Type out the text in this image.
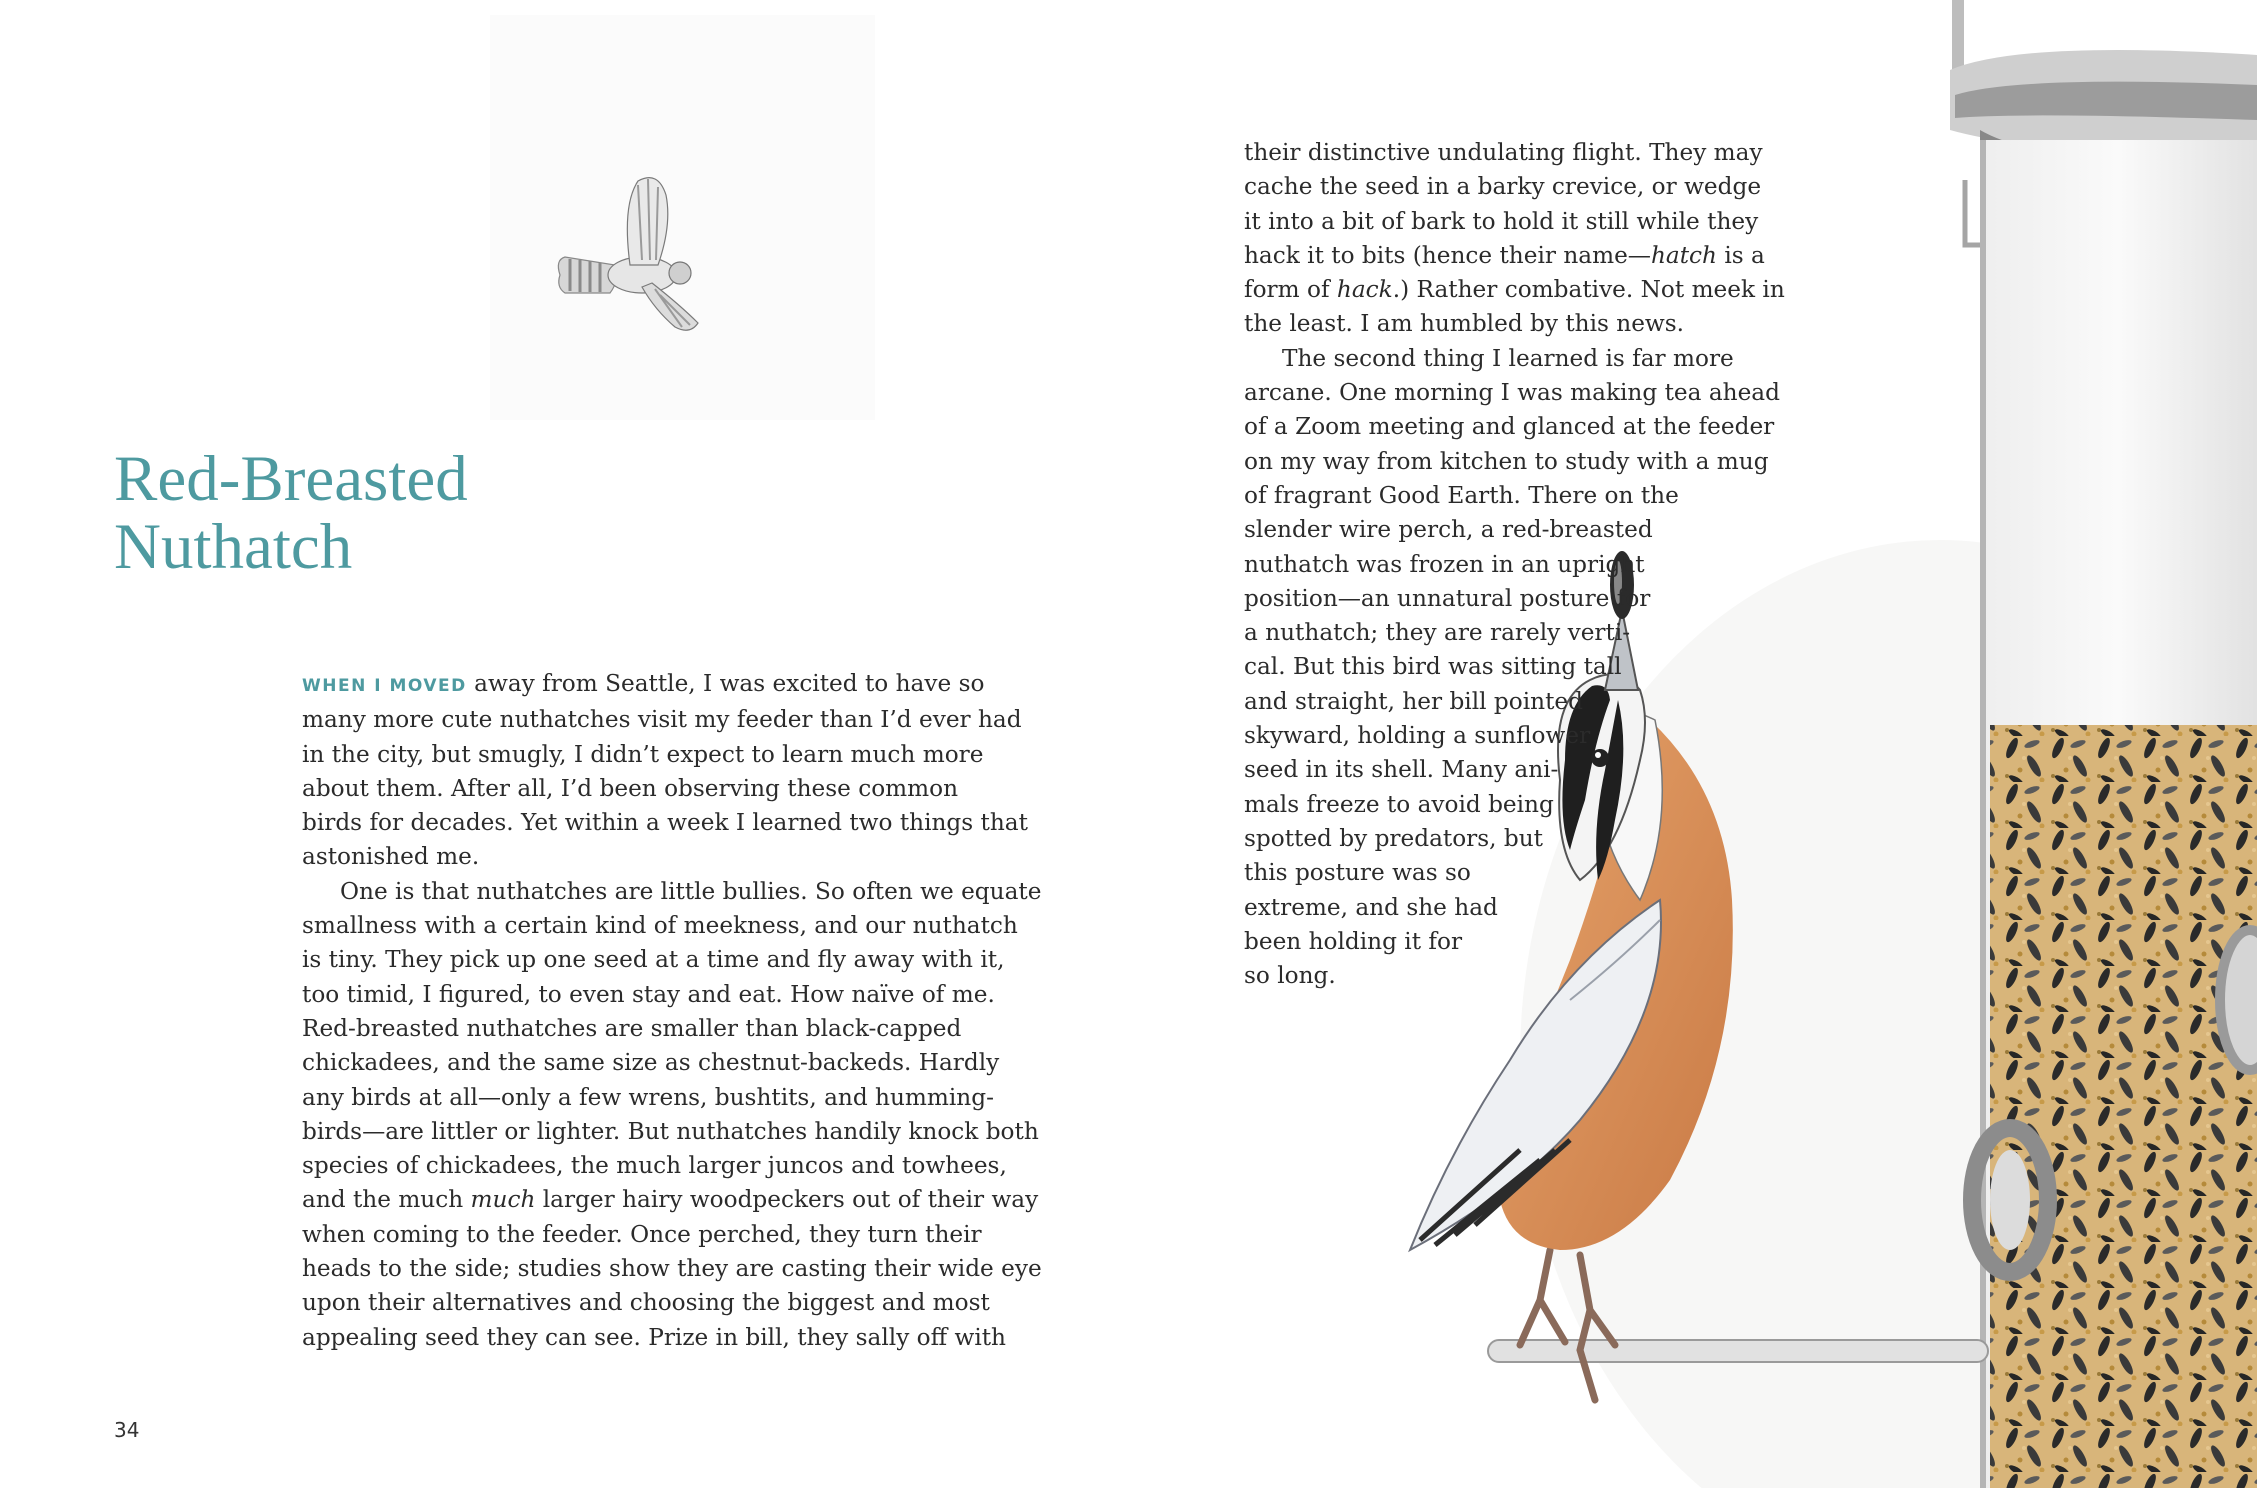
Red-Breasted
Nuthatch

WHEN I MOVED away from Seattle, I was excited to have so
many more cute nuthatches visit my feeder than I’d ever had
in the city, but smugly, I didn’t expect to learn much more
about them. After all, I’d been observing these common
birds for decades. Yet within a week I learned two things that
astonished me.

One is that nuthatches are little bullies. So often we equate
smallness with a certain kind of meekness, and our nuthatch
is tiny. They pick up one seed at a time and fly away with it,
too timid, I figured, to even stay and eat. How naïve of me.
Red-breasted nuthatches are smaller than black-capped
chickadees, and the same size as chestnut-backeds. Hardly
any birds at all—only a few wrens, bushtits, and humming-
birds—are littler or lighter. But nuthatches handily knock both
species of chickadees, the much larger juncos and towhees,
and the much much larger hairy woodpeckers out of their way
when coming to the feeder. Once perched, they turn their
heads to the side; studies show they are casting their wide eye
upon their alternatives and choosing the biggest and most
appealing seed they can see. Prize in bill, they sally off with

34

their distinctive undulating flight. They may
cache the seed in a barky crevice, or wedge
it into a bit of bark to hold it still while they
hack it to bits (hence their name—hatch is a
form of hack.) Rather combative. Not meek in
the least. I am humbled by this news.

The second thing I learned is far more
arcane. One morning I was making tea ahead
of a Zoom meeting and glanced at the feeder
on my way from kitchen to study with a mug
of fragrant Good Earth. There on the
slender wire perch, a red-breasted
nuthatch was frozen in an upright
position—an unnatural posture for
a nuthatch; they are rarely verti-
cal. But this bird was sitting tall
and straight, her bill pointed
skyward, holding a sunflower
seed in its shell. Many ani-
mals freeze to avoid being
spotted by predators, but
this posture was so
extreme, and she had
been holding it for
so long.
